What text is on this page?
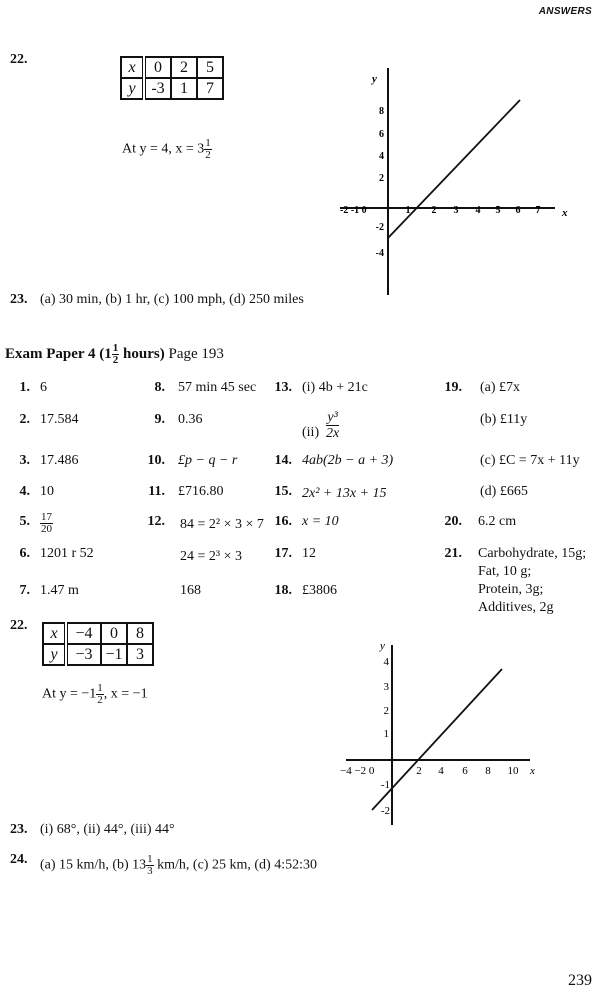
ANSWERS
22.	x	0	2	5
y	-3	1	7
At y = 4, $x = 3 \frac{1}{2}$
y
x
8
6
4
2
-2
-4
-2 -1 0	1 2 3 4 5 6 7
23. (a) 30 min, (b) 1 hr, (c) 100 mph, (d) 250 miles
Exam Paper 4 ($1 \frac{1}{2}$ hours) Page 193
1. 6
2. 17.584
3. 17.486
4. 10
5. $\frac{17}{20}$
6. 1201 r 52
7. 1.47 m
8. 57 min 45 sec
9. 0.36
10. £p − q − r
11. £716.80
12. 84 = 2² × 3 × 7
24 = 2³ × 3
168
13. (i) 4b + 21c
$(ii) \frac{\text{y³}}{2x}$
14. 4ab(2b − a + 3)
15. 2x² + 13x + 15
16. x = 10
17. 12
18. £3806
19. (a) £7x
(b) £11y
(c) £C = 7x + 11y
(d) £665
20. 6.2 cm
21. Carbohydrate, 15g;
Fat, 10 g;
Protein, 3g;
Additives, 2g
22. x	−4	0	8
y	−3	−1	3
At $y = -1 \frac{1}{2}$ , x = −1
y
x
4
3
2
1
-1
-2
−4 −2 0	2 4 6 8 10
23. (i) 68°, (ii) 44°, (iii) 44°
24. (a) 15 km/h, (b) $13 \frac{1}{3} km/h$, (c) 25 km, (d) 4:52:30
239
